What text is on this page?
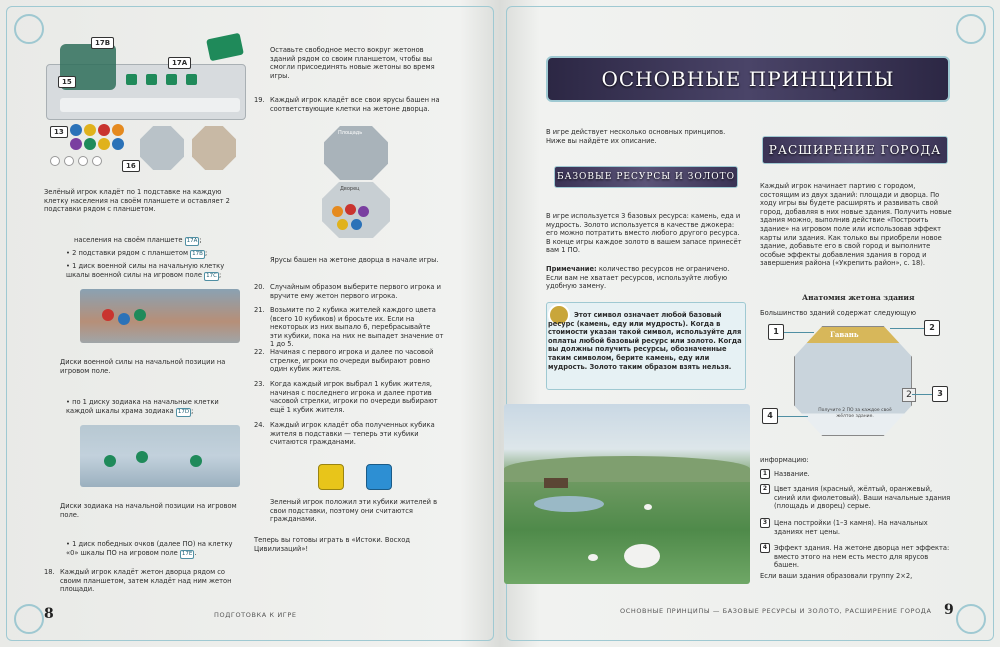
17B
17A
15
13
16
Зелёный игрок кладёт по 1 подставке на каждую клетку населения на своём планшете и оставляет 2 подставки рядом с планшетом.
населения на своём планшете 17А ;
• 2 подставки рядом с планшетом 17В ;
• 1 диск военной силы на начальную клетку шкалы военной силы на игровом поле 17С ;
Диски военной силы на начальной позиции на игровом поле.
• по 1 диску зодиака на начальные клетки каждой шкалы храма зодиака 17D ;
Диски зодиака на начальной позиции на игровом поле.
• 1 диск победных очков (далее ПО) на клетку «0» шкалы ПО на игровом поле 17E .
18. Каждый игрок кладёт жетон дворца рядом со своим планшетом, затем кладёт над ним жетон площади.
Оставьте свободное место вокруг жетонов зданий рядом со своим планшетом, чтобы вы смогли присоединять новые жетоны во время игры.
19. Каждый игрок кладёт все свои ярусы башен на соответствующие клетки на жетоне дворца.
Площадь
Дворец
Ярусы башен на жетоне дворца в начале игры.
20. Случайным образом выберите первого игрока и вручите ему жетон первого игрока.
21. Возьмите по 2 кубика жителей каждого цвета (всего 10 кубиков) и бросьте их. Если на некоторых из них выпало 6, перебрасывайте эти кубики, пока на них не выпадет значение от 1 до 5.
22. Начиная с первого игрока и далее по часовой стрелке, игроки по очереди выбирают ровно один кубик жителя.
23. Когда каждый игрок выбрал 1 кубик жителя, начиная с последнего игрока и далее против часовой стрелки, игроки по очереди выбирают ещё 1 кубик жителя.
24. Каждый игрок кладёт оба полученных кубика жителя в подставки — теперь эти кубики считаются гражданами.
Зеленый игрок положил эти кубики жителей в свои подставки, поэтому они считаются гражданами.
Теперь вы готовы играть в «Истоки. Восход Цивилизаций»!
8	ПОДГОТОВКА К ИГРЕ
ОСНОВНЫЕ ПРИНЦИПЫ
В игре действует несколько основных принципов. Ниже вы найдёте их описание.
БАЗОВЫЕ РЕСУРСЫ И ЗОЛОТО
В игре используется 3 базовых ресурса: камень, еда и мудрость. Золото используется в качестве джокера: его можно потратить вместо любого другого ресурса. В конце игры каждое золото в вашем запасе принесёт вам 1 ПО.
Примечание: количество ресурсов не ограничено. Если вам не хватает ресурсов, используйте любую удобную замену.
Этот символ означает любой базовый ресурс (камень, еду или мудрость). Когда в стоимости указан такой символ, используйте для оплаты любой базовый ресурс или золото. Когда вы должны получить ресурсы, обозначенные таким символом, берите камень, еду или мудрость. Золото таким образом взять нельзя.
РАСШИРЕНИЕ ГОРОДА
Каждый игрок начинает партию с городом, состоящим из двух зданий: площади и дворца. По ходу игры вы будете расширять и развивать свой город, добавляя в них новые здания. Получить новые здания можно, выполнив действие «Построить здание» на игровом поле или использовав эффект карты или здания. Как только вы приобрели новое здание, добавьте его в свой город и выполните особые эффекты добавления здания в город и завершения района («Укрепить район», с. 18).
Анатомия жетона здания
Большинство зданий содержат следующую
Гавань
2
Получите 2 ПО за каждое своё жёлтое здание.
1	2
3
4
информацию:
1	Название.
2	Цвет здания (красный, жёлтый, оранжевый, синий или фиолетовый). Ваши начальные здания (площадь и дворец) серые.
3	Цена постройки (1–3 камня). На начальных зданиях нет цены.
4	Эффект здания. На жетоне дворца нет эффекта: вместо этого на нем есть место для ярусов башен.
Если ваши здания образовали группу 2×2,
ОСНОВНЫЕ ПРИНЦИПЫ — БАЗОВЫЕ РЕСУРСЫ И ЗОЛОТО, РАСШИРЕНИЕ ГОРОДА 9
